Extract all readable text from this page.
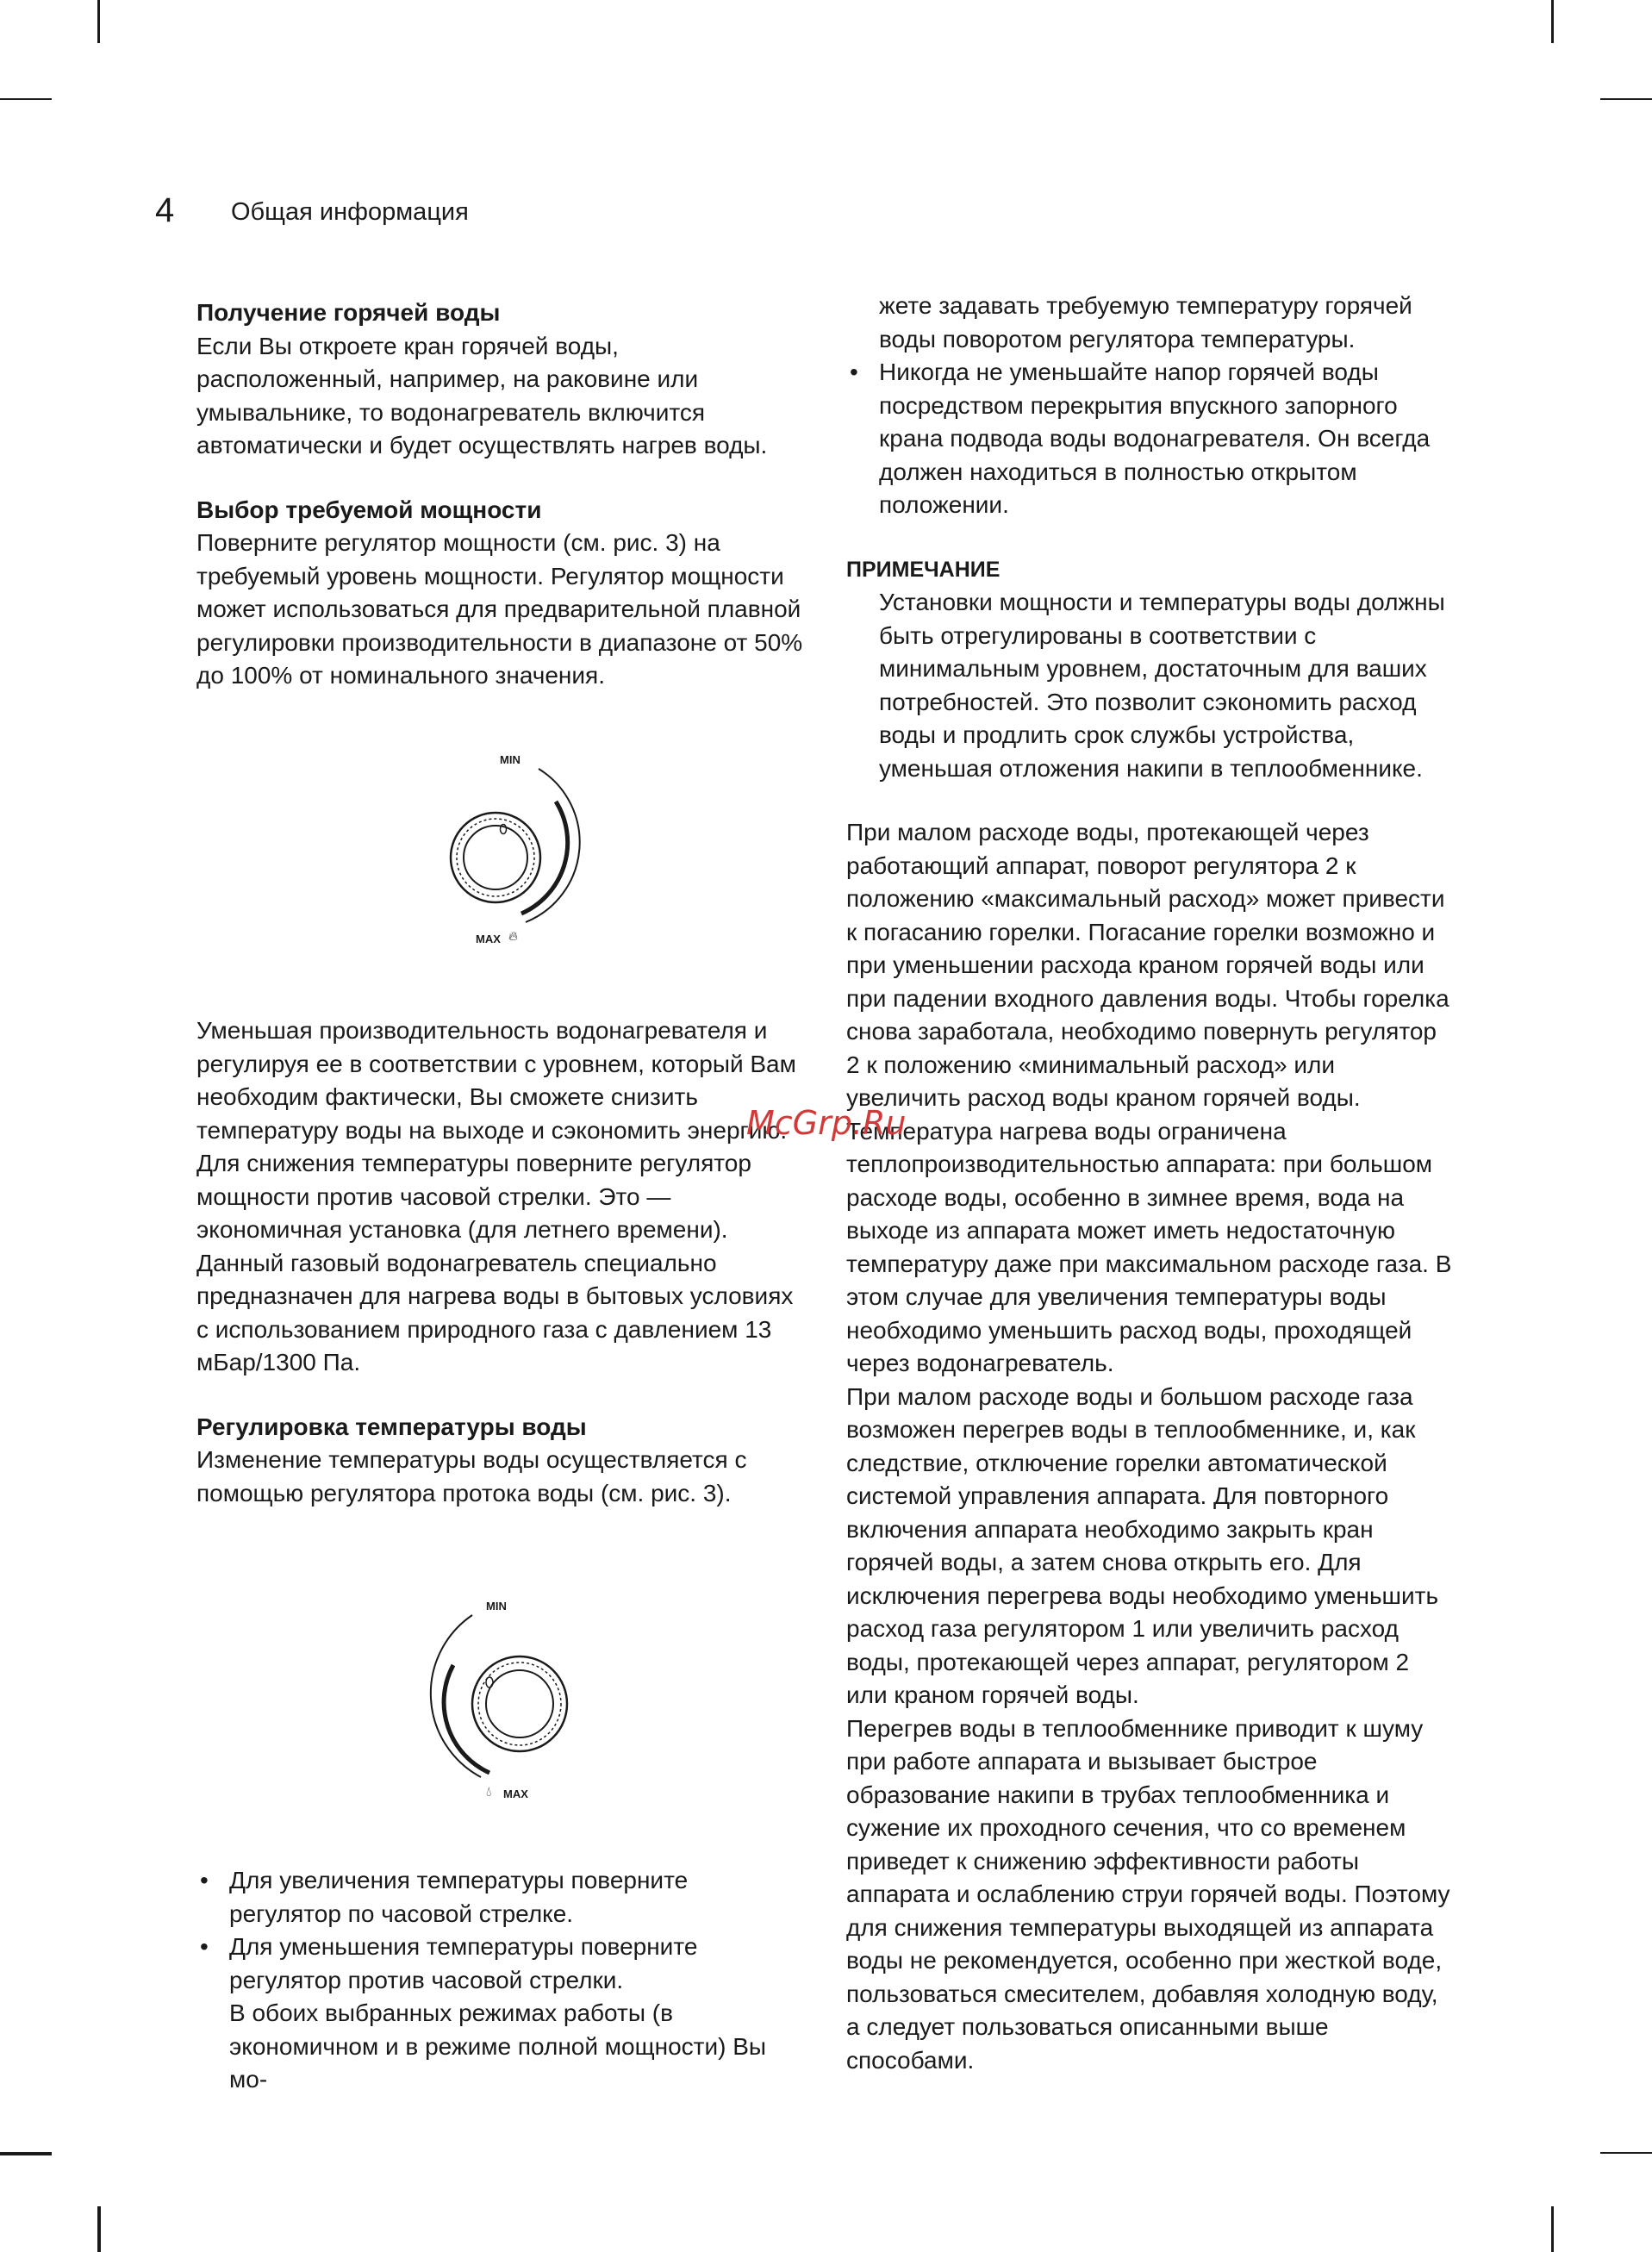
4 Общая информация
Получение горячей воды

Если Вы откроете кран горячей воды, расположенный, например, на раковине или умывальнике, то водонагреватель включится автоматически и будет осуществлять нагрев воды.

Выбор требуемой мощности

Поверните регулятор мощности (см. рис. 3) на требуемый уровень мощности. Регулятор мощности может использоваться для предварительной плавной регулировки производительности в диапазоне от 50% до 100% от номинального значения.

MIN
MAX 🔥︎

Уменьшая производительность водонагревателя и регулируя ее в соответствии с уровнем, который Вам необходим фактически, Вы сможете снизить температуру воды на выходе и сэкономить энергию.

Для снижения температуры поверните регулятор мощности против часовой стрелки. Это — экономичная установка (для летнего времени).

Данный газовый водонагреватель специально предназначен для нагрева воды в бытовых условиях с использованием природного газа с давлением 13 мБар/1300 Па.

Регулировка температуры воды

Изменение температуры воды осуществляется с помощью регулятора протока воды (см. рис. 3).

MIN
💧︎ MAX
• Для увеличения температуры поверните регулятор по часовой стрелке.
• Для уменьшения температуры поверните регулятор против часовой стрелки.
В обоих выбранных режимах работы (в экономичном и в режиме полной мощности) Вы мо-

жете задавать требуемую температуру горячей воды поворотом регулятора температуры.

• Никогда не уменьшайте напор горячей воды посредством перекрытия впускного запорного крана подвода воды водонагревателя. Он всегда должен находиться в полностью открытом положении.
ПРИМЕЧАНИЕ

Установки мощности и температуры воды должны быть отрегулированы в соответствии с минимальным уровнем, достаточным для ваших потребностей. Это позволит сэкономить расход воды и продлить срок службы устройства, уменьшая отложения накипи в теплообменнике.

При малом расходе воды, протекающей через работающий аппарат, поворот регулятора 2 к положению «максимальный расход» может привести к погасанию горелки. Погасание горелки возможно и при уменьшении расхода краном горячей воды или при падении входного давления воды. Чтобы горелка снова заработала, необходимо повернуть регулятор 2 к положению «минимальный расход» или увеличить расход воды краном горячей воды. Температура нагрева воды ограничена теплопроизводительностью аппарата: при большом расходе воды, особенно в зимнее время, вода на выходе из аппарата может иметь недостаточную температуру даже при максимальном расходе газа. В этом случае для увеличения температуры воды необходимо уменьшить расход воды, проходящей через водонагреватель.

При малом расходе воды и большом расходе газа возможен перегрев воды в теплообменнике, и, как следствие, отключение горелки автоматической системой управления аппарата. Для повторного включения аппарата необходимо закрыть кран горячей воды, а затем снова открыть его. Для исключения перегрева воды необходимо уменьшить расход газа регулятором 1 или увеличить расход воды, протекающей через аппарат, регулятором 2 или краном горячей воды.

Перегрев воды в теплообменнике приводит к шуму при работе аппарата и вызывает быстрое образование накипи в трубах теплообменника и сужение их проходного сечения, что со временем приведет к снижению эффективности работы аппарата и ослаблению струи горячей воды. Поэтому для снижения температуры выходящей из аппарата воды не рекомендуется, особенно при жесткой воде, пользоваться смесителем, добавляя холодную воду, а следует пользоваться описанными выше способами.

McGrp.Ru
